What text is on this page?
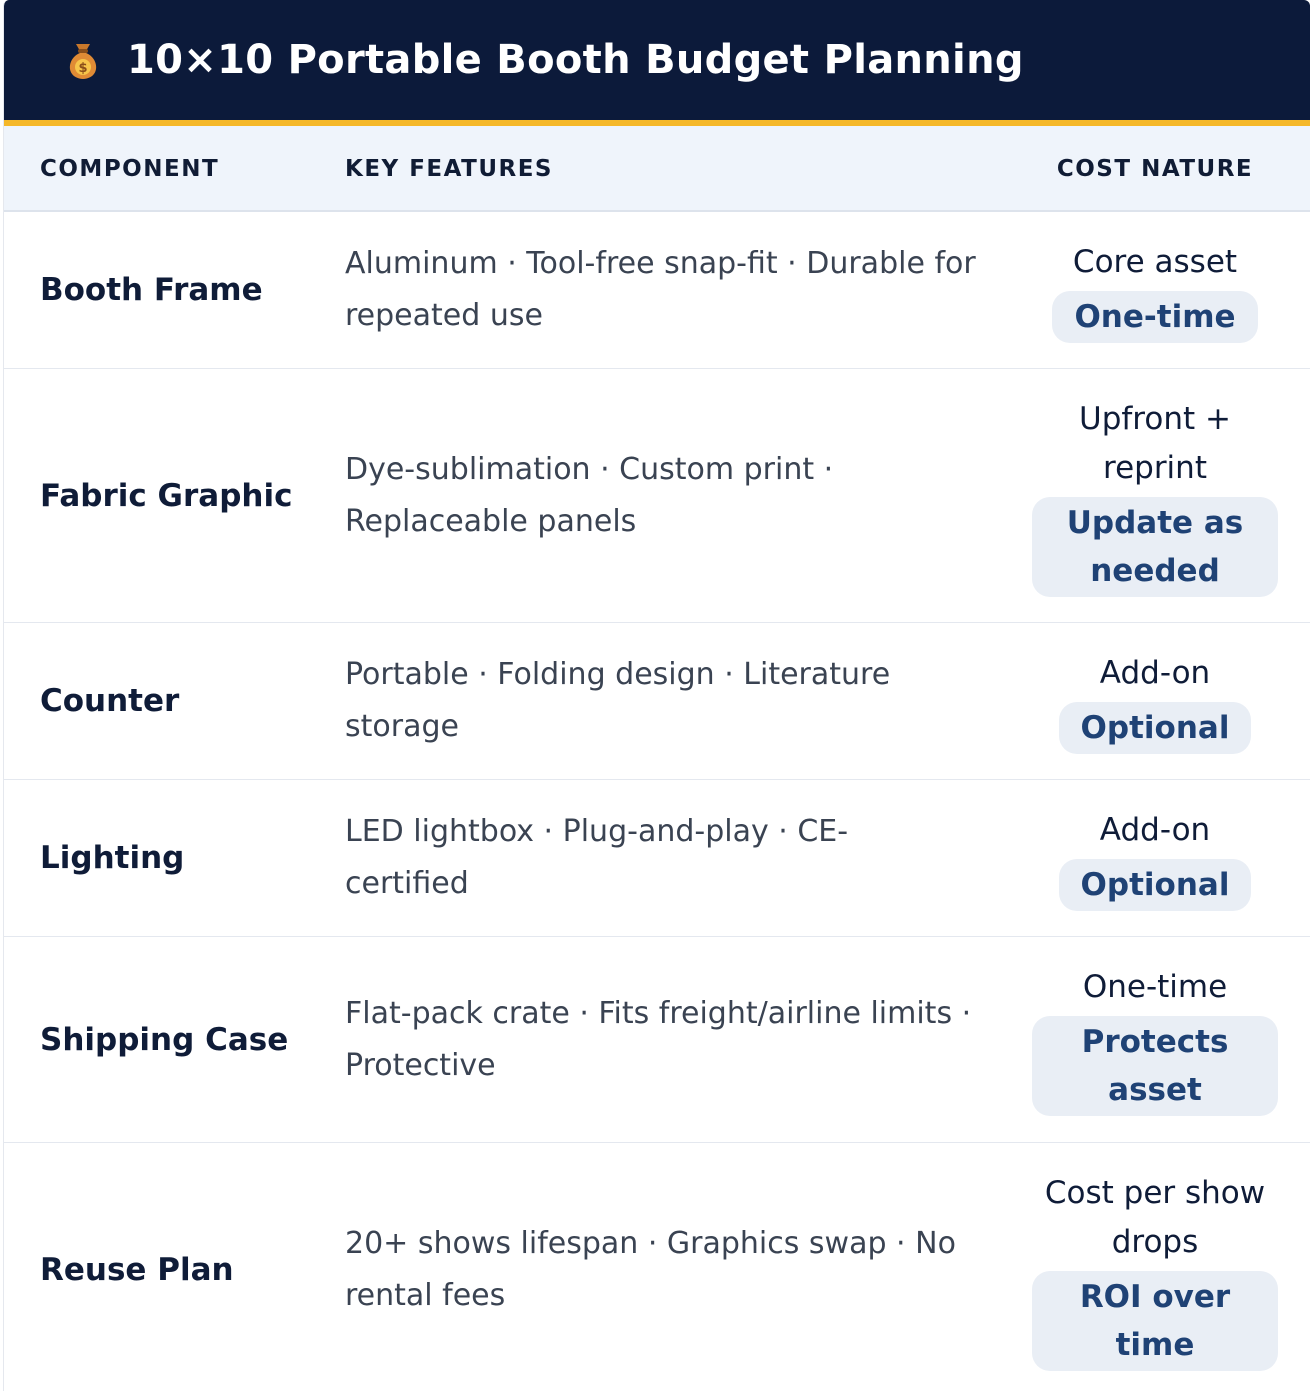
$ 10×10 Portable Booth Budget Planning
COMPONENT	KEY FEATURES	COST NATURE
Booth Frame
Aluminum · Tool-free snap-fit · Durable for repeated use
Core asset
One-time
Fabric Graphic
Dye-sublimation · Custom print · Replaceable panels
Upfront + reprint
Update as needed
Counter
Portable · Folding design · Literature storage
Add-on
Optional
Lighting
LED lightbox · Plug-and-play · CE-certified
Add-on
Optional
Shipping Case
Flat-pack crate · Fits freight/airline limits · Protective
One-time
Protects asset
Reuse Plan
20+ shows lifespan · Graphics swap · No rental fees
Cost per show drops
ROI over time
